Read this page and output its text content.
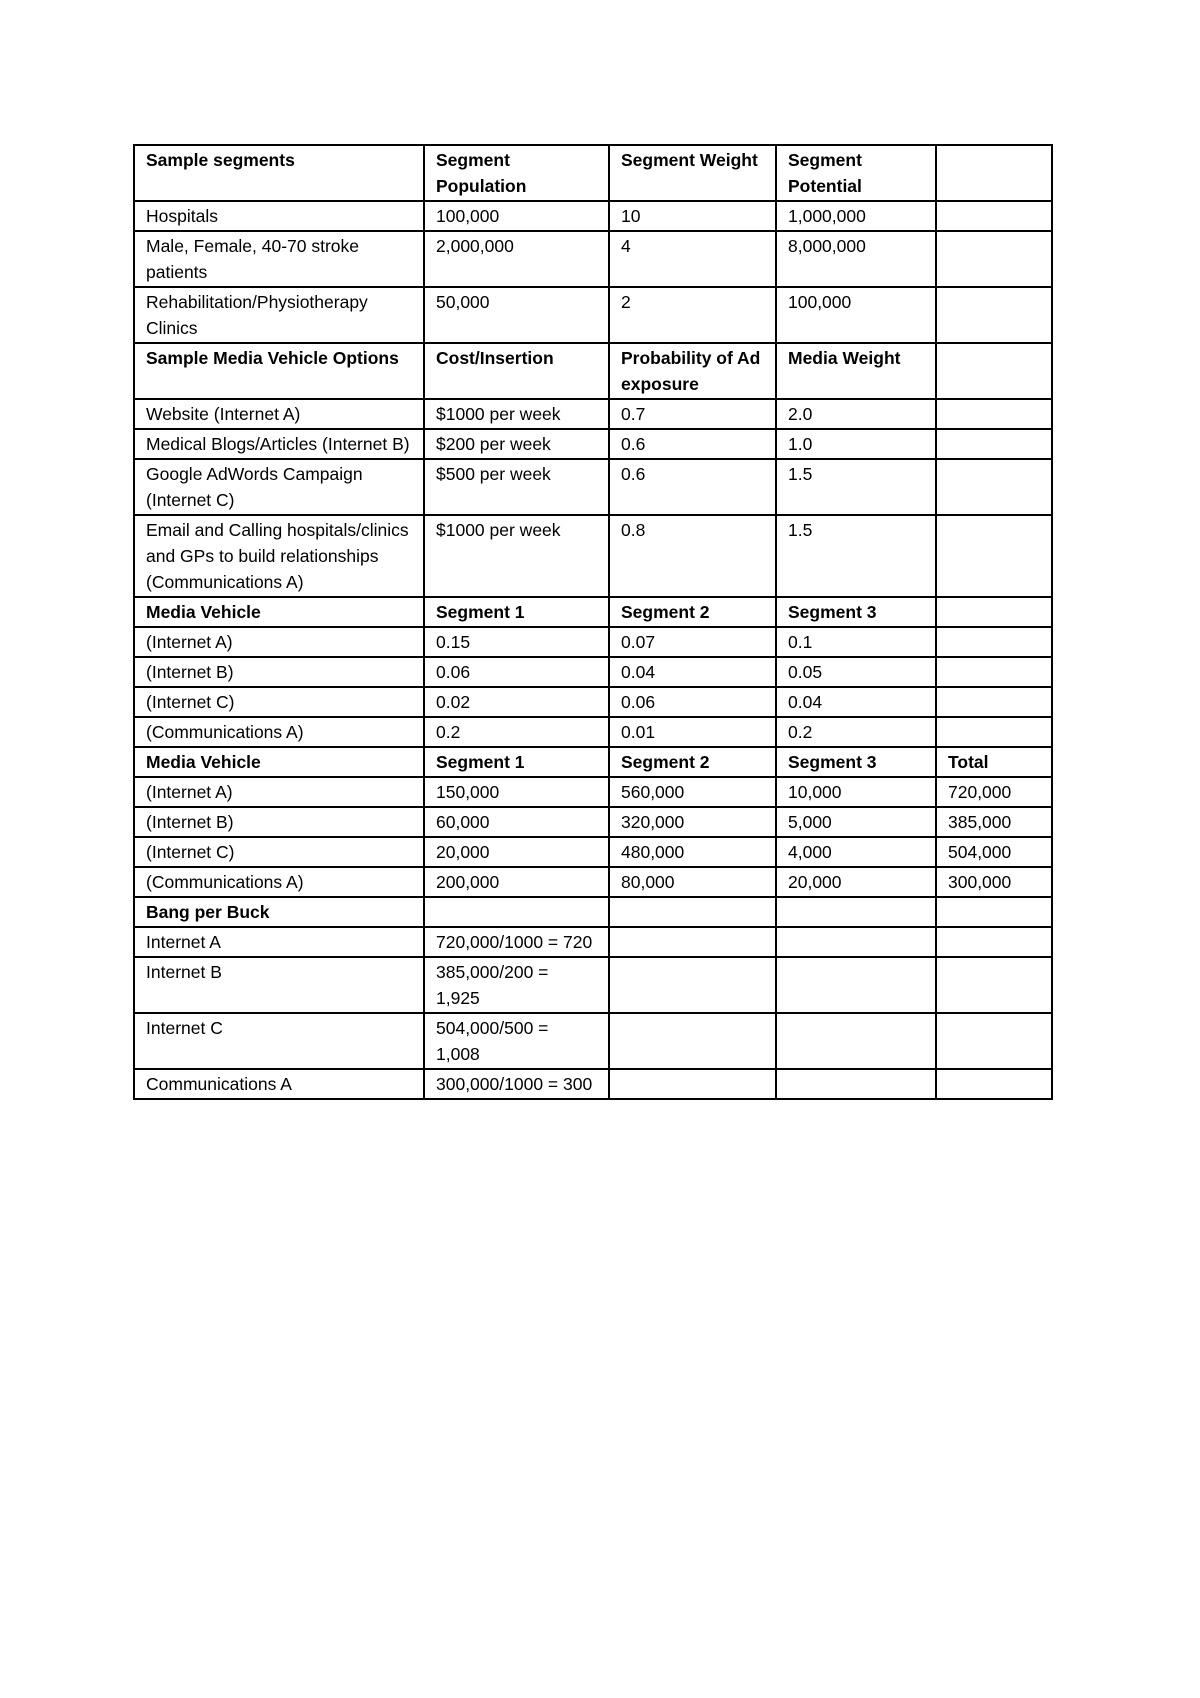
Sample segments	Segment Population	Segment Weight	Segment Potential	
Hospitals	100,000	10	1,000,000	
Male, Female, 40-70 stroke patients	2,000,000	4	8,000,000	
Rehabilitation/Physiotherapy Clinics	50,000	2	100,000	
Sample Media Vehicle Options	Cost/Insertion	Probability of Ad exposure	Media Weight	
Website (Internet A)	$1000 per week	0.7	2.0	
Medical Blogs/Articles (Internet B)	$200 per week	0.6	1.0	
Google AdWords Campaign (Internet C)	$500 per week	0.6	1.5	
Email and Calling hospitals/clinics and GPs to build relationships (Communications A)	$1000 per week	0.8	1.5	
Media Vehicle	Segment 1	Segment 2	Segment 3	
(Internet A)	0.15	0.07	0.1	
(Internet B)	0.06	0.04	0.05	
(Internet C)	0.02	0.06	0.04	
(Communications A)	0.2	0.01	0.2	
Media Vehicle	Segment 1	Segment 2	Segment 3	Total
(Internet A)	150,000	560,000	10,000	720,000
(Internet B)	60,000	320,000	5,000	385,000
(Internet C)	20,000	480,000	4,000	504,000
(Communications A)	200,000	80,000	20,000	300,000
Bang per Buck				
Internet A	720,000/1000 = 720			
Internet B	385,000/200 = 1,925			
Internet C	504,000/500 = 1,008			
Communications A	300,000/1000 = 300			
